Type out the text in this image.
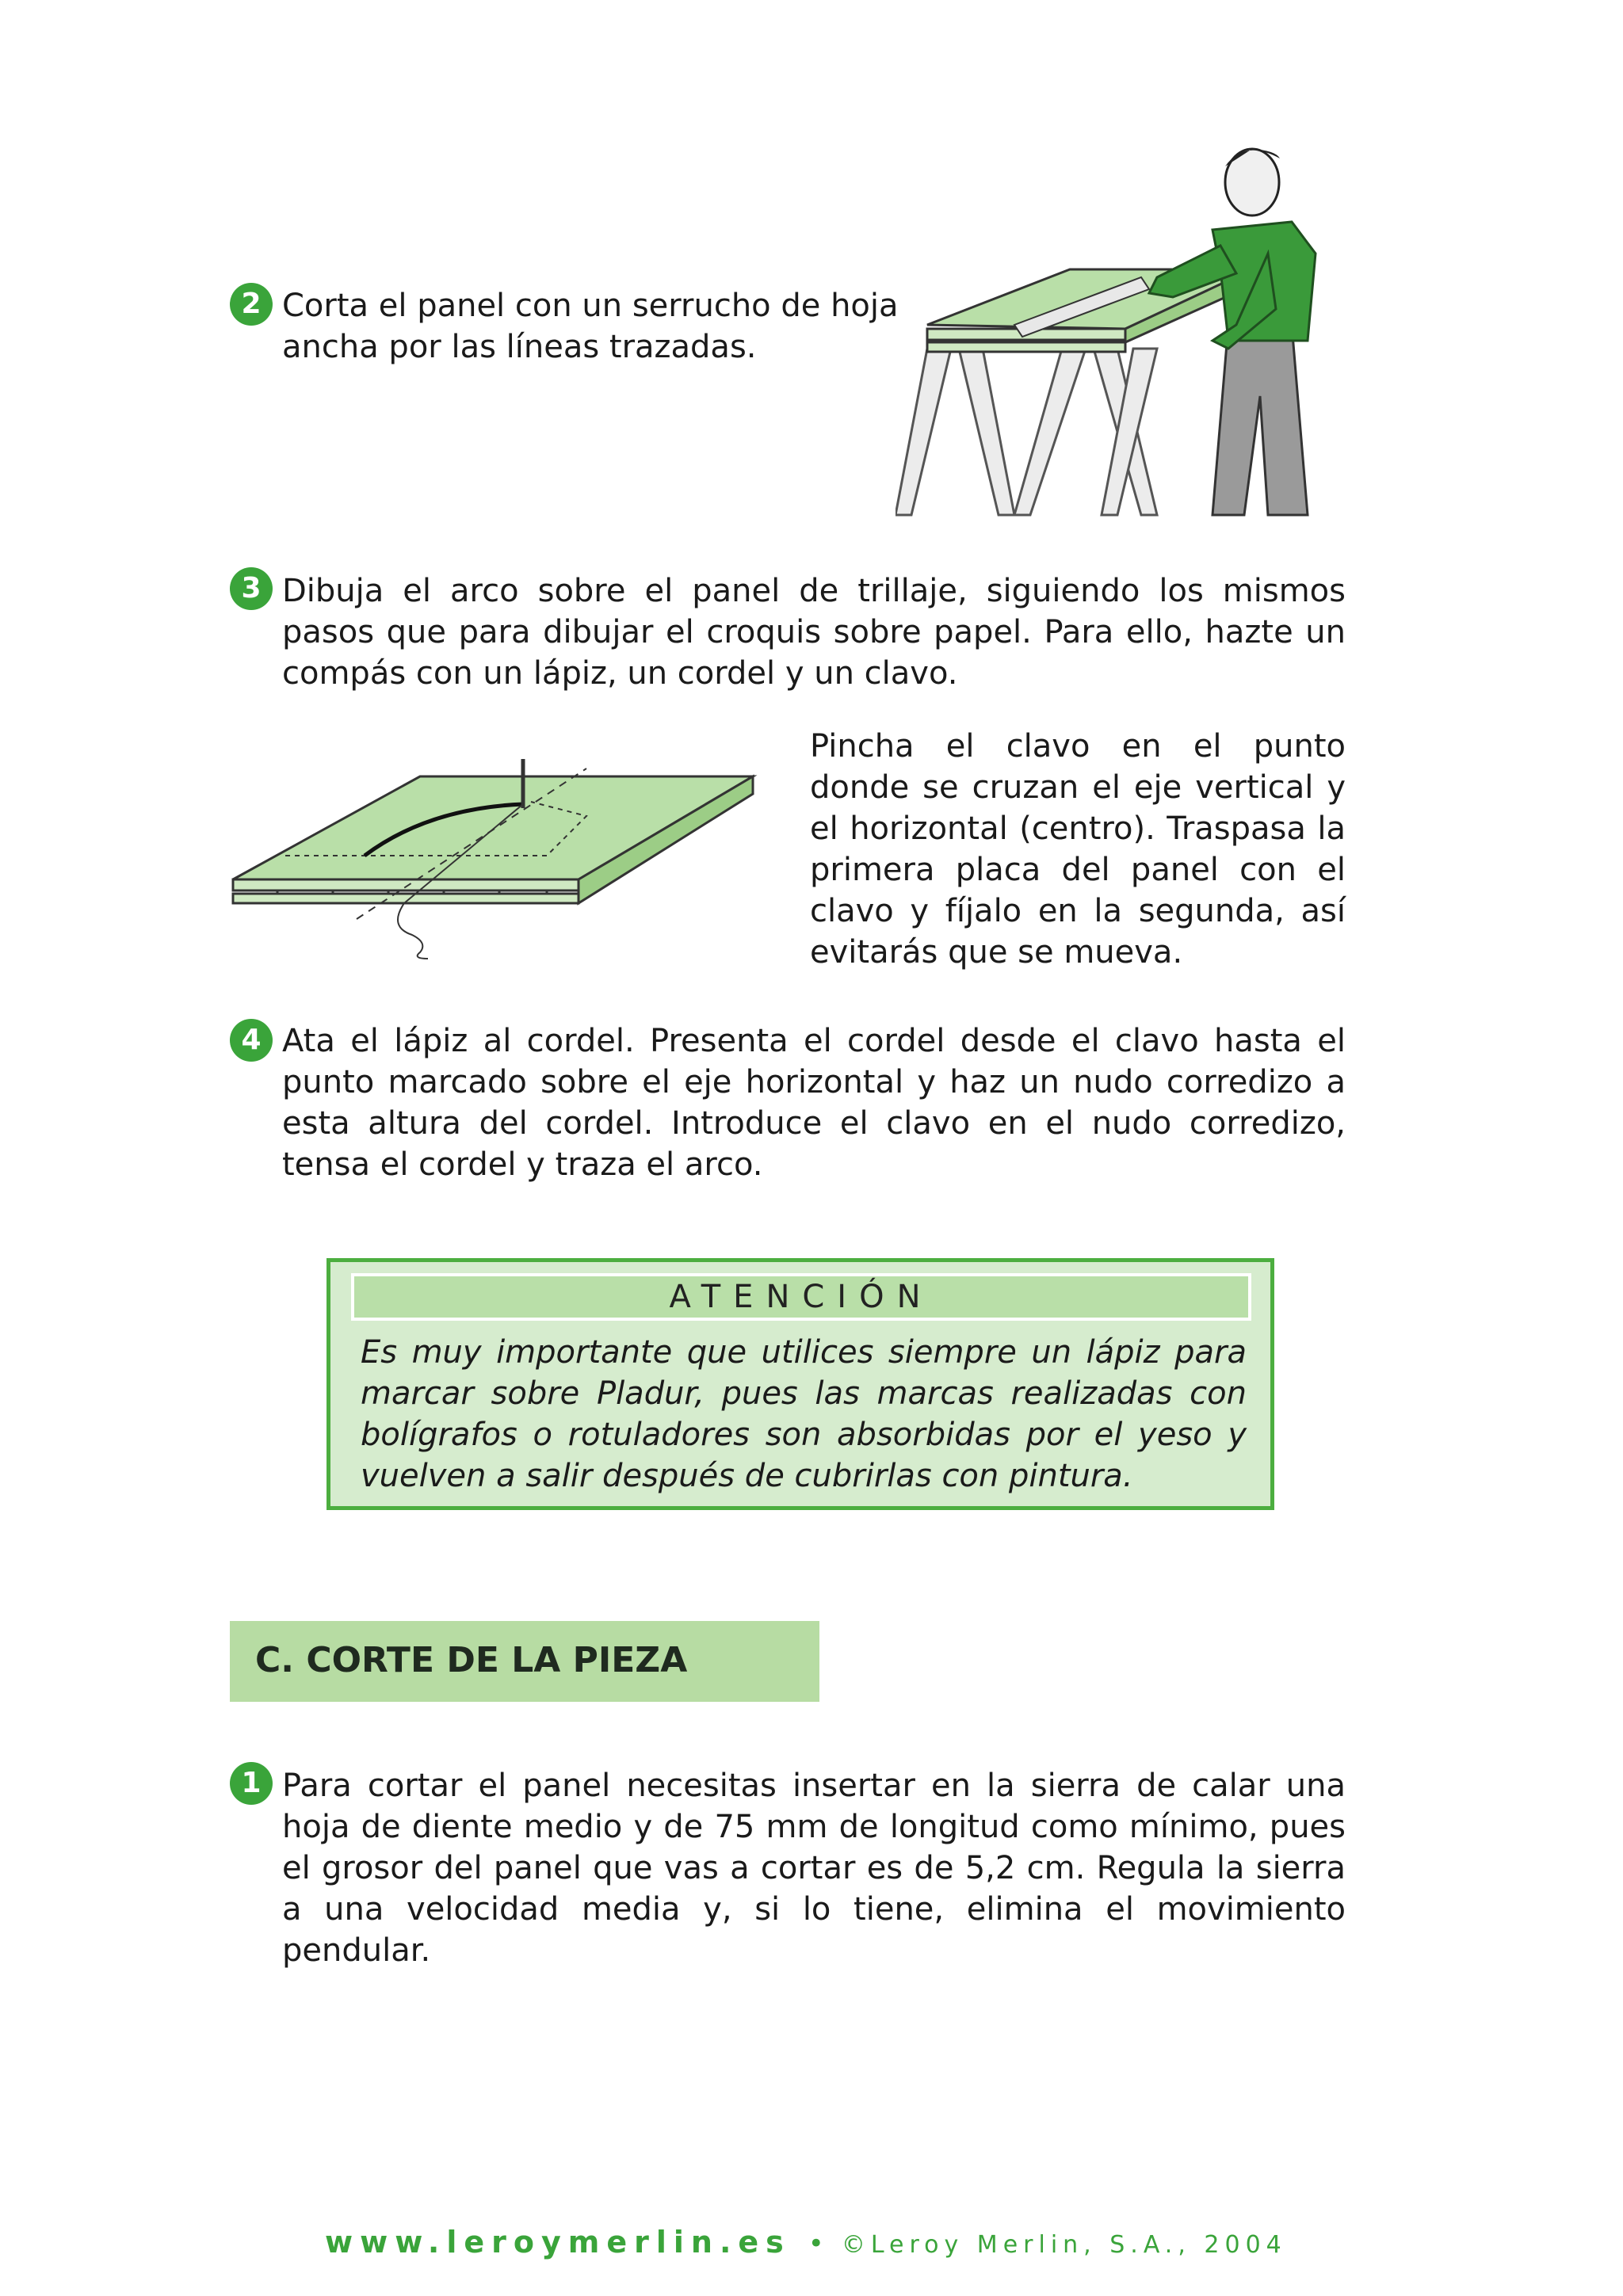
2 Corta el panel con un serrucho de hoja ancha por las líneas trazadas.
3 Dibuja el arco sobre el panel de trillaje, siguiendo los mismos pasos que para dibujar el croquis sobre papel. Para ello, hazte un compás con un lápiz, un cordel y un clavo.
Pincha el clavo en el punto donde se cruzan el eje vertical y el horizontal (centro). Traspasa la primera placa del panel con el clavo y fíjalo en la segunda, así evitarás que se mueva.
4 Ata el lápiz al cordel. Presenta el cordel desde el clavo hasta el punto marcado sobre el eje horizontal y haz un nudo corredizo a esta altura del cordel. Introduce el clavo en el nudo corredizo, tensa el cordel y traza el arco.
ATENCIÓN
Es muy importante que utilices siempre un lápiz para marcar sobre Pladur, pues las marcas realizadas con bolígrafos o rotuladores son absorbidas por el yeso y vuelven a salir después de cubrirlas con pintura.
C. CORTE DE LA PIEZA
1 Para cortar el panel necesitas insertar en la sierra de calar una hoja de diente medio y de 75 mm de longitud como mínimo, pues el grosor del panel que vas a cortar es de 5,2 cm. Regula la sierra a una velocidad media y, si lo tiene, elimina el movimiento pendular.
www.leroymerlin.es • ©Leroy Merlin, S.A., 2004
